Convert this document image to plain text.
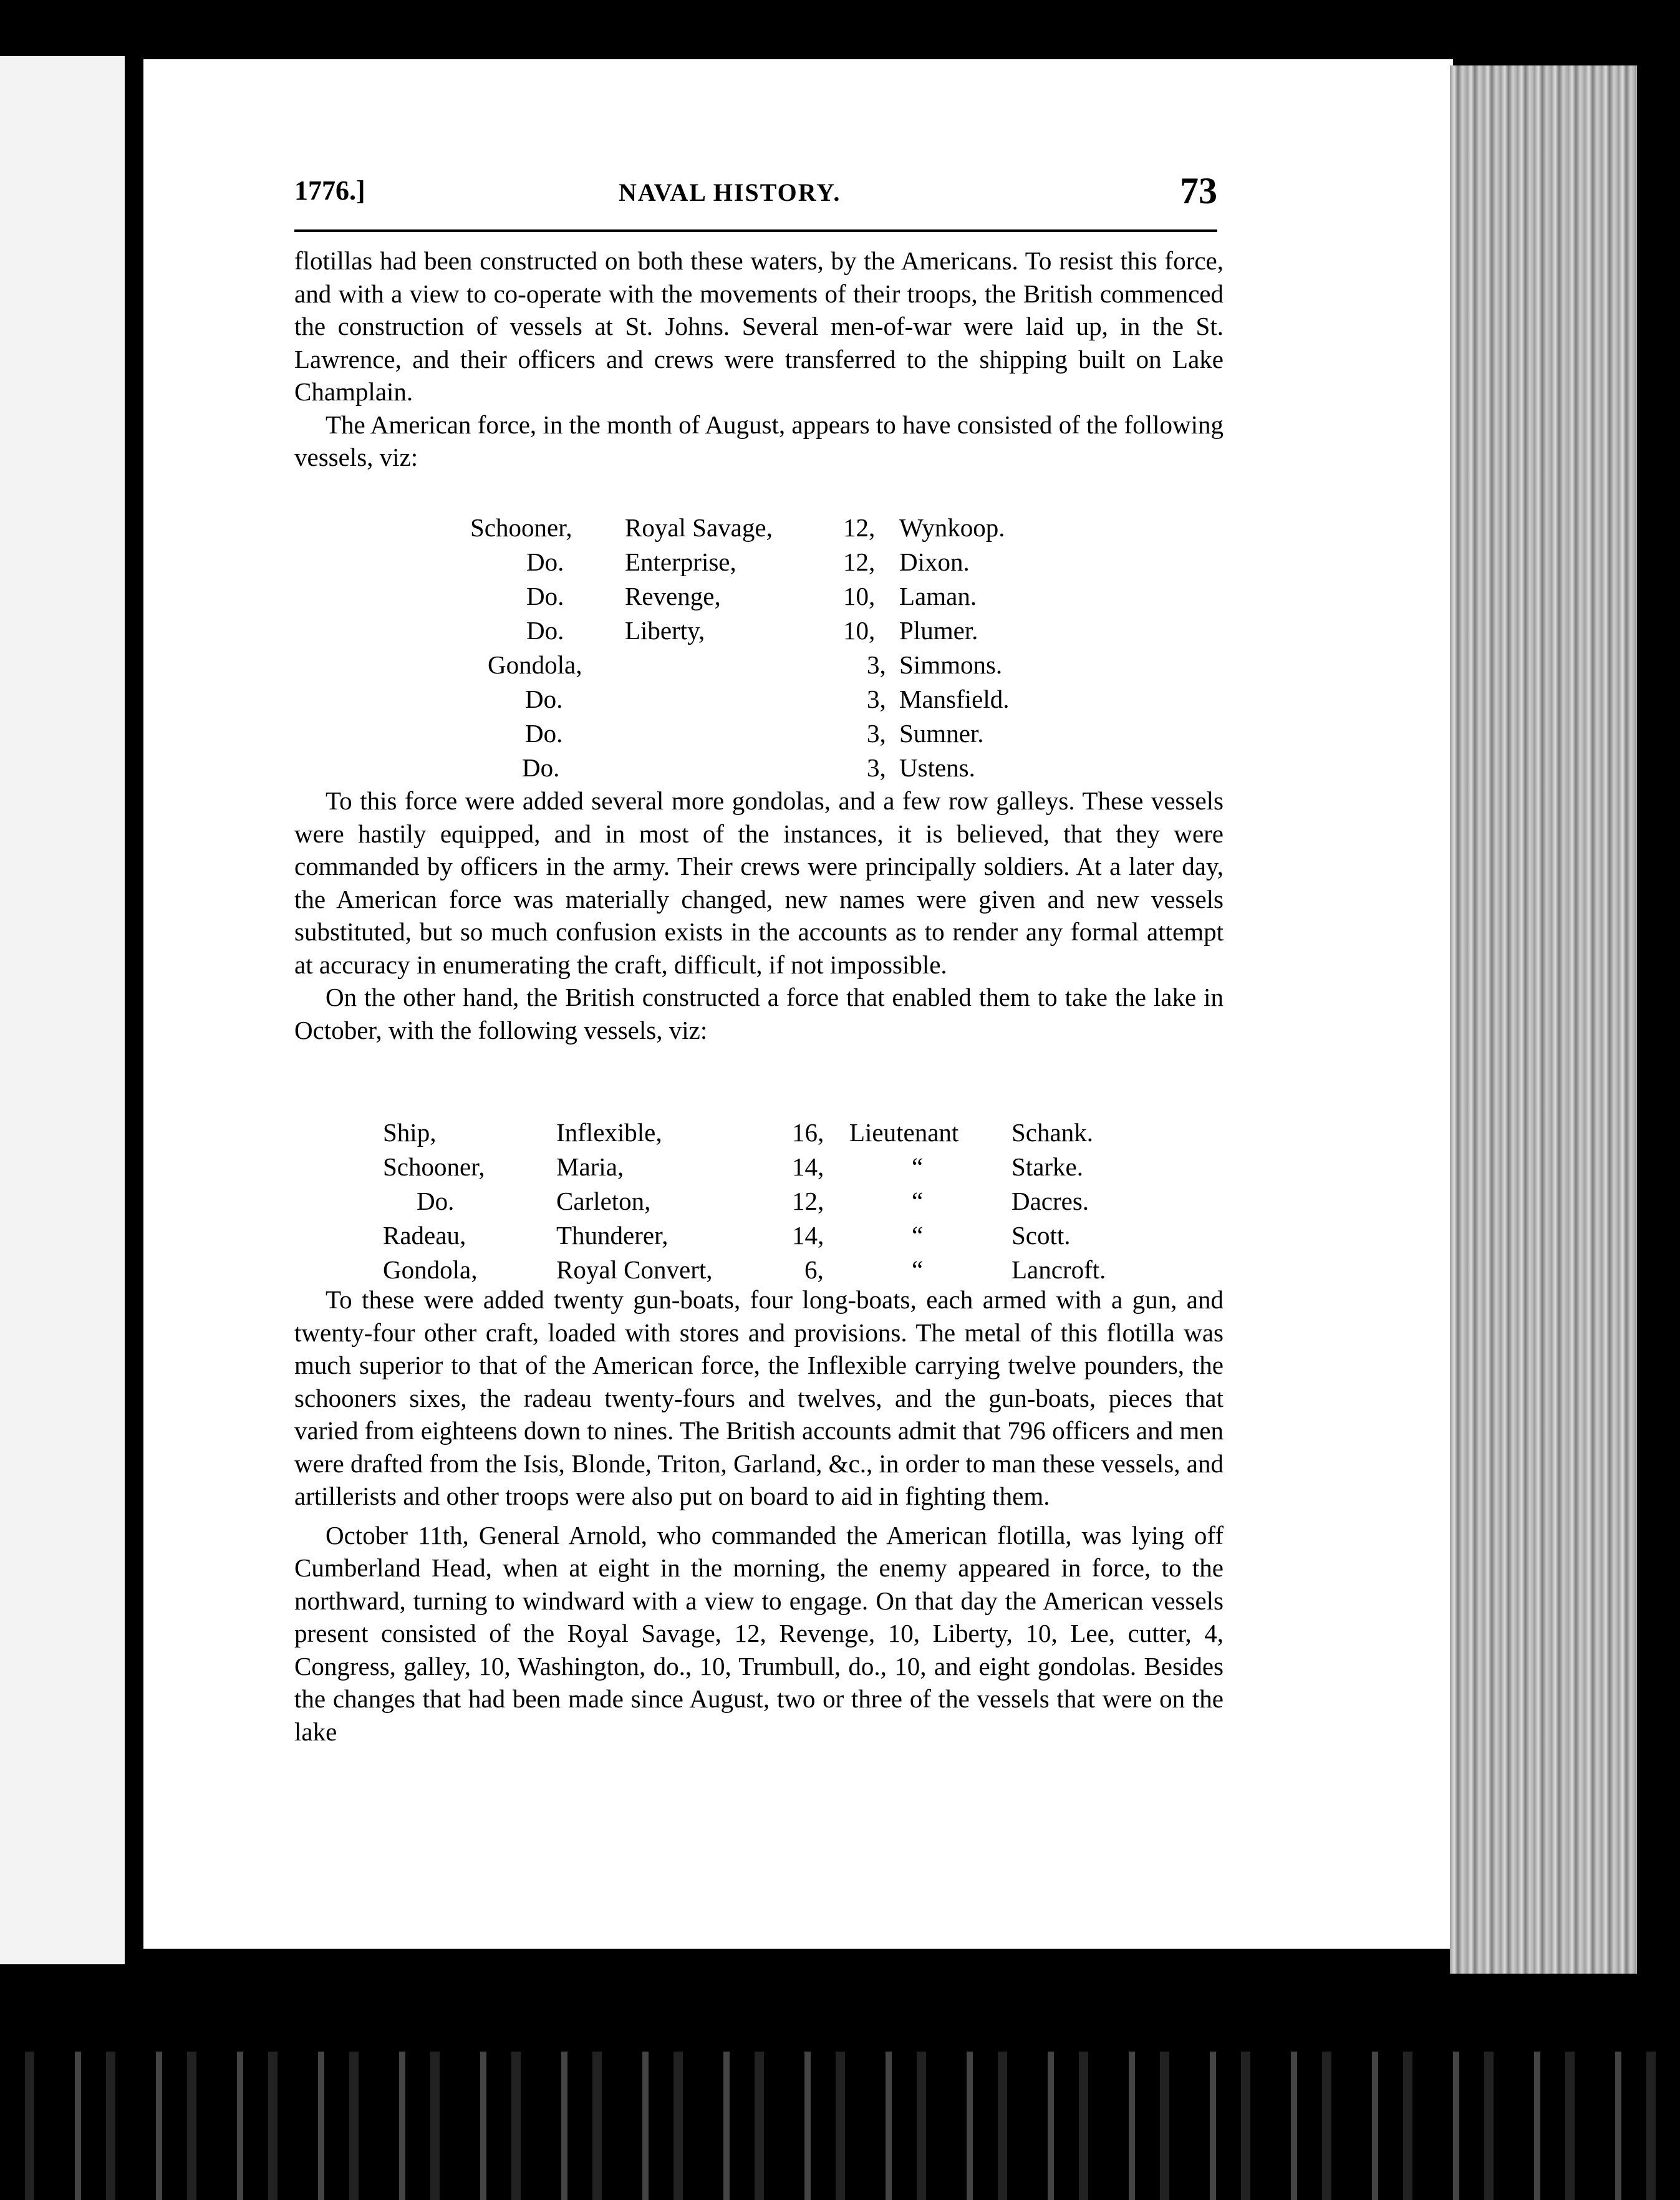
1776.]	NAVAL HISTORY.	73

flotillas had been constructed on both these waters, by the Americans. To resist this force, and with a view to co-operate with the movements of their troops, the British commenced the construction of vessels at St. Johns. Several men-of-war were laid up, in the St. Lawrence, and their officers and crews were transferred to the shipping built on Lake Champlain.

The American force, in the month of August, appears to have consisted of the following vessels, viz:

Schooner, Royal Savage,	12, Wynkoop.
Do. Enterprise,	12, Dixon.
Do. Revenge,	10, Laman.
Do. Liberty,	10, Plumer.
Gondola,	3, Simmons.
Do.	3, Mansfield.
Do.	3, Sumner.
Do.	3, Ustens.

To this force were added several more gondolas, and a few row galleys. These vessels were hastily equipped, and in most of the instances, it is believed, that they were commanded by officers in the army. Their crews were principally soldiers. At a later day, the American force was materially changed, new names were given and new vessels substituted, but so much confusion exists in the accounts as to render any formal attempt at accuracy in enumerating the craft, difficult, if not impossible.

On the other hand, the British constructed a force that enabled them to take the lake in October, with the following vessels, viz:

Ship,	Inflexible,	16, Lieutenant Schank.
Schooner,	Maria,	14,	“	Starke.
Do.	Carleton,	12,	“	Dacres.
Radeau,	Thunderer,	14,	“	Scott.
Gondola,	Royal Convert,	6,	“	Lancroft.

To these were added twenty gun-boats, four long-boats, each armed with a gun, and twenty-four other craft, loaded with stores and provisions. The metal of this flotilla was much superior to that of the American force, the Inflexible carrying twelve pounders, the schooners sixes, the radeau twenty-fours and twelves, and the gun-boats, pieces that varied from eighteens down to nines. The British accounts admit that 796 officers and men were drafted from the Isis, Blonde, Triton, Garland, &c., in order to man these vessels, and artillerists and other troops were also put on board to aid in fighting them.

October 11th, General Arnold, who commanded the American flotilla, was lying off Cumberland Head, when at eight in the morning, the enemy appeared in force, to the northward, turning to windward with a view to engage. On that day the American vessels present consisted of the Royal Savage, 12, Revenge, 10, Liberty, 10, Lee, cutter, 4, Congress, galley, 10, Washington, do., 10, Trumbull, do., 10, and eight gondolas. Besides the changes that had been made since August, two or three of the vessels that were on the lake
